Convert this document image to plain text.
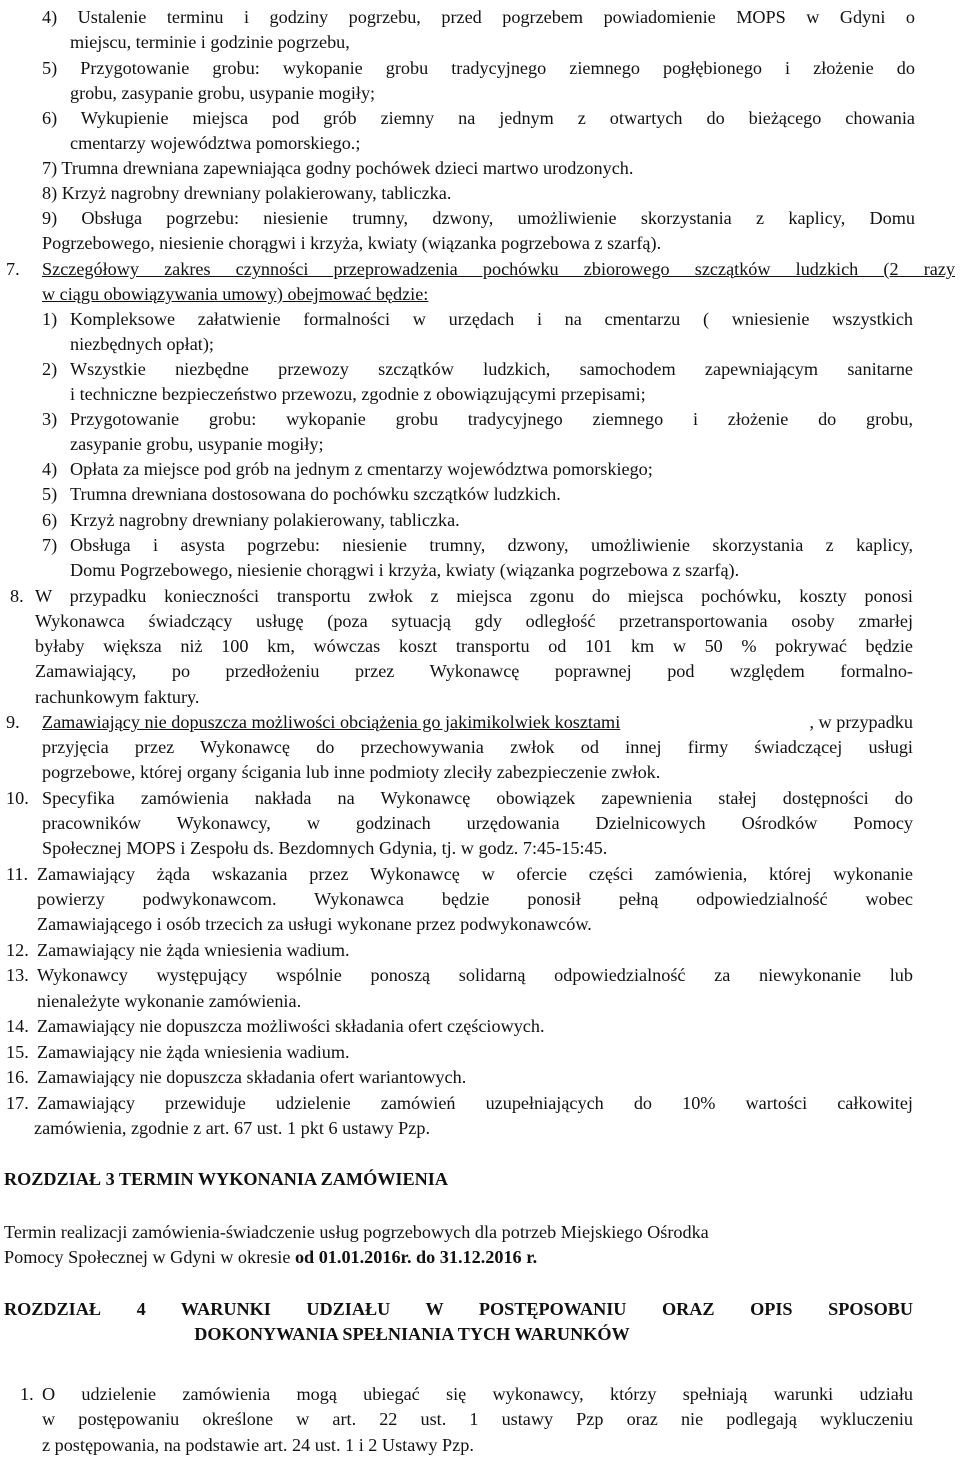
4) Ustalenie terminu i godziny pogrzebu, przed pogrzebem powiadomienie MOPS w Gdyni o
miejscu, terminie i godzinie pogrzebu,
5) Przygotowanie grobu: wykopanie grobu tradycyjnego ziemnego pogłębionego i złożenie do
grobu, zasypanie grobu, usypanie mogiły;
6) Wykupienie miejsca pod grób ziemny na jednym z otwartych do bieżącego chowania
cmentarzy województwa pomorskiego.;
7) Trumna drewniana zapewniająca godny pochówek dzieci martwo urodzonych.
8) Krzyż nagrobny drewniany polakierowany, tabliczka.
9) Obsługa pogrzebu: niesienie trumny, dzwony, umożliwienie skorzystania z kaplicy, Domu
Pogrzebowego, niesienie chorągwi i krzyża, kwiaty (wiązanka pogrzebowa z szarfą).
7. Szczegółowy zakres czynności przeprowadzenia pochówku zbiorowego szczątków ludzkich (2 razy
w ciągu obowiązywania umowy) obejmować będzie:
1) Kompleksowe załatwienie formalności w urzędach i na cmentarzu ( wniesienie wszystkich
niezbędnych opłat);
2) Wszystkie niezbędne przewozy szczątków ludzkich, samochodem zapewniającym sanitarne
i techniczne bezpieczeństwo przewozu, zgodnie z obowiązującymi przepisami;
3) Przygotowanie grobu: wykopanie grobu tradycyjnego ziemnego i złożenie do grobu,
zasypanie grobu, usypanie mogiły;
4) Opłata za miejsce pod grób na jednym z cmentarzy województwa pomorskiego;
5) Trumna drewniana dostosowana do pochówku szczątków ludzkich.
6) Krzyż nagrobny drewniany polakierowany, tabliczka.
7) Obsługa i asysta pogrzebu: niesienie trumny, dzwony, umożliwienie skorzystania z kaplicy,
Domu Pogrzebowego, niesienie chorągwi i krzyża, kwiaty (wiązanka pogrzebowa z szarfą).
8. W przypadku konieczności transportu zwłok z miejsca zgonu do miejsca pochówku, koszty ponosi
Wykonawca świadczący usługę (poza sytuacją gdy odległość przetransportowania osoby zmarłej
byłaby większa niż 100 km, wówczas koszt transportu od 101 km w 50 % pokrywać będzie
Zamawiający, po przedłożeniu przez Wykonawcę poprawnej pod względem formalno-
rachunkowym faktury.
9. Zamawiający nie dopuszcza możliwości obciążenia go jakimikolwiek kosztami	, w przypadku
przyjęcia przez Wykonawcę do przechowywania zwłok od innej firmy świadczącej usługi
pogrzebowe, której organy ścigania lub inne podmioty zleciły zabezpieczenie zwłok.
10. Specyfika zamówienia nakłada na Wykonawcę obowiązek zapewnienia stałej dostępności do
pracowników Wykonawcy, w godzinach urzędowania Dzielnicowych Ośrodków Pomocy
Społecznej MOPS i Zespołu ds. Bezdomnych Gdynia, tj. w godz. 7:45-15:45.
11. Zamawiający żąda wskazania przez Wykonawcę w ofercie części zamówienia, której wykonanie
powierzy podwykonawcom. Wykonawca będzie ponosił pełną odpowiedzialność wobec
Zamawiającego i osób trzecich za usługi wykonane przez podwykonawców.
12. Zamawiający nie żąda wniesienia wadium.
13. Wykonawcy występujący wspólnie ponoszą solidarną odpowiedzialność za niewykonanie lub
nienależyte wykonanie zamówienia.
14. Zamawiający nie dopuszcza możliwości składania ofert częściowych.
15. Zamawiający nie żąda wniesienia wadium.
16. Zamawiający nie dopuszcza składania ofert wariantowych.
17. Zamawiający przewiduje udzielenie zamówień uzupełniających do 10% wartości całkowitej
zamówienia, zgodnie z art. 67 ust. 1 pkt 6 ustawy Pzp.
ROZDZIAŁ 3 TERMIN WYKONANIA ZAMÓWIENIA
Termin realizacji zamówienia-świadczenie usług pogrzebowych dla potrzeb Miejskiego Ośrodka
Pomocy Społecznej w Gdyni w okresie od 01.01.2016r. do 31.12.2016 r.
ROZDZIAŁ 4 WARUNKI UDZIAŁU W POSTĘPOWANIU ORAZ OPIS SPOSOBU
DOKONYWANIA SPEŁNIANIA TYCH WARUNKÓW
1. O udzielenie zamówienia mogą ubiegać się wykonawcy, którzy spełniają warunki udziału
w postępowaniu określone w art. 22 ust. 1 ustawy Pzp oraz nie podlegają wykluczeniu
z postępowania, na podstawie art. 24 ust. 1 i 2 Ustawy Pzp.
